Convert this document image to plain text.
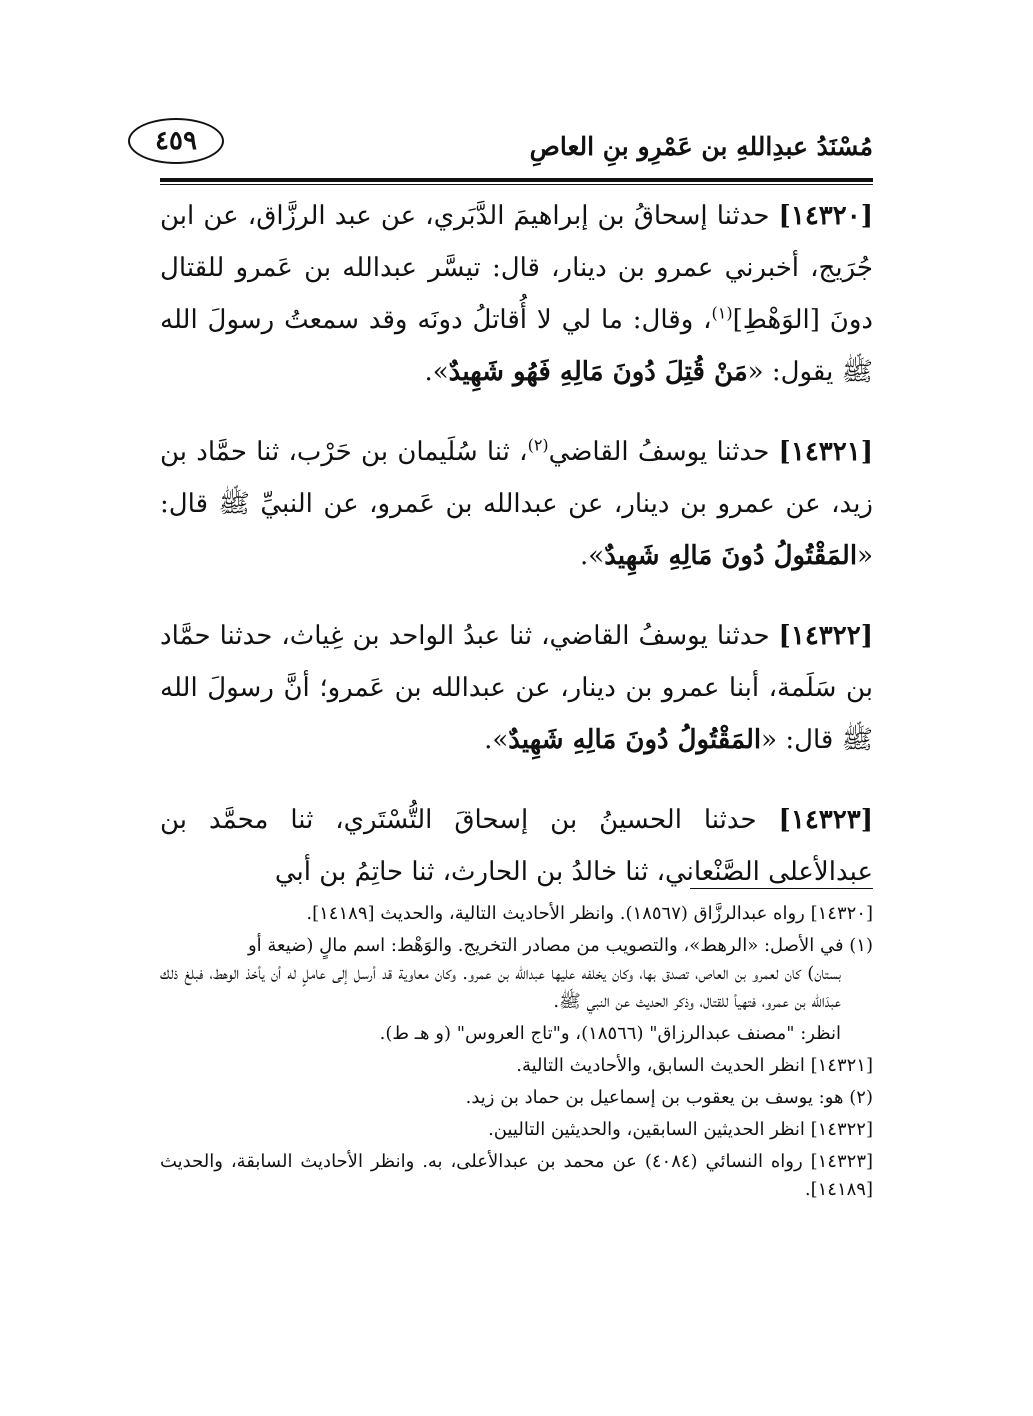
مُسْنَدُ عبدِاللهِ بن عَمْرِو بنِ العاصِ
٤٥٩

[١٤٣٢٠] حدثنا إسحاقُ بن إبراهيمَ الدَّبَري، عن عبد الرزَّاق، عن ابن جُرَيج، أخبرني عمرو بن دينار، قال: تيسَّر عبدالله بن عَمرو للقتال دونَ [الوَهْطِ]$^{(١)}$، وقال: ما لي لا أُقاتلُ دونَه وقد سمعتُ رسولَ الله ﷺ يقول: «مَنْ قُتِلَ دُونَ مَالِهِ فَهُو شَهِيدٌ».

[١٤٣٢١] حدثنا يوسفُ القاضي$^{(٢)}$، ثنا سُلَيمان بن حَرْب، ثنا حمَّاد بن زيد، عن عمرو بن دينار، عن عبدالله بن عَمرو، عن النبيِّ ﷺ قال: «المَقْتُولُ دُونَ مَالِهِ شَهِيدٌ».

[١٤٣٢٢] حدثنا يوسفُ القاضي، ثنا عبدُ الواحد بن غِياث، حدثنا حمَّاد بن سَلَمة، أبنا عمرو بن دينار، عن عبدالله بن عَمرو؛ أنَّ رسولَ الله ﷺ قال: «المَقْتُولُ دُونَ مَالِهِ شَهِيدٌ».

[١٤٣٢٣] حدثنا الحسينُ بن إسحاقَ التُّسْتَري، ثنا محمَّد بن عبدالأعلى الصَّنْعاني، ثنا خالدُ بن الحارث، ثنا حاتِمُ بن أبي

[١٤٣٢٠] رواه عبدالرزَّاق (١٨٥٦٧). وانظر الأحاديث التالية، والحديث [١٤١٨٩].

(١) في الأصل: «الرهط»، والتصويب من مصادر التخريج. والوَهْط: اسم مالٍ (ضيعة أو

بستان) كان لعمرو بن العاص، تصدق بها، وكان يخلفه عليها عبدالله بن عمرو. وكان معاوية قد أرسل إلى عاملٍ له أن يأخذ الوهط، فبلغ ذلك عبدَالله بن عمرو، فتهيأ للقتال، وذكر الحديث عن النبي ﷺ.

انظر: "مصنف عبدالرزاق" (١٨٥٦٦)، و"تاج العروس" (و هـ ط).

[١٤٣٢١] انظر الحديث السابق، والأحاديث التالية.

(٢) هو: يوسف بن يعقوب بن إسماعيل بن حماد بن زيد.

[١٤٣٢٢] انظر الحديثين السابقين، والحديثين التاليين.

[١٤٣٢٣] رواه النسائي (٤٠٨٤) عن محمد بن عبدالأعلى، به. وانظر الأحاديث السابقة، والحديث [١٤١٨٩].
